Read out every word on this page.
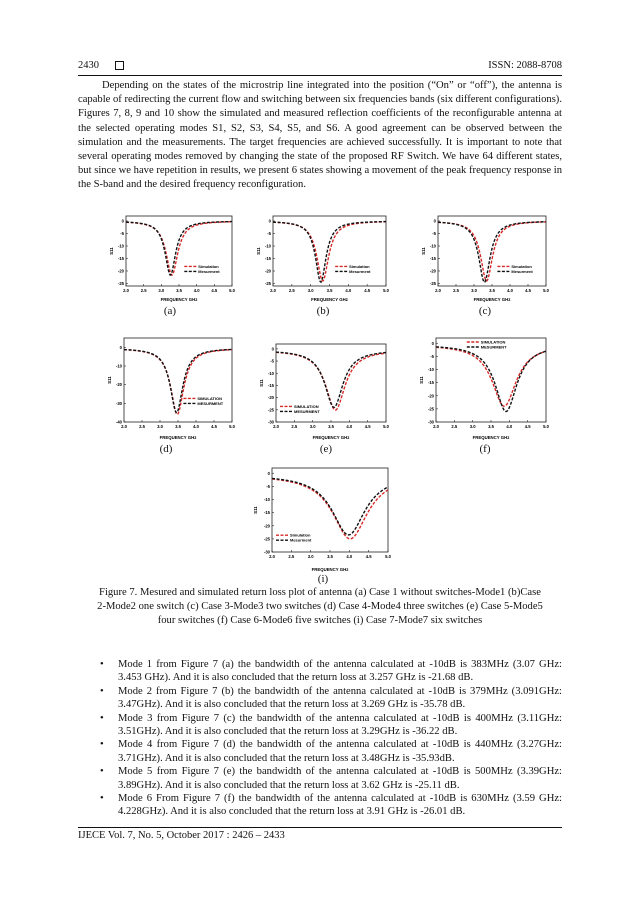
2430	ISSN: 2088-8708
Depending on the states of the microstrip line integrated into the position (“On” or “off”), the antenna is capable of redirecting the current flow and switching between six frequencies bands (six different configurations). Figures 7, 8, 9 and 10 show the simulated and measured reflection coefficients of the reconfigurable antenna at the selected operating modes S1, S2, S3, S4, S5, and S6. A good agreement can be observed between the simulation and the measurements. The target frequencies are achieved successfully. It is important to note that several operating modes removed by changing the state of the proposed RF Switch. We have 64 different states, but since we have repetition in results, we present 6 states showing a movement of the peak frequency response in the S-band and the desired frequency reconfiguration.
2.0	2.5	3.0	3.5	4.0	4.5	5.0
0
-5
-10
-15
-20
-25
FREQUENCY GHz
S11
Simulation
Mesurment
2.0	2.5	3.0	3.5	4.0	4.5	5.0
0
-5
-10
-15
-20
-25
FREQUENCY GHz
S11
Simulation
Mesurment
2.0	2.5	3.0	3.5	4.0	4.5	5.0
0
-5
-10
-15
-20
-25
FREQUENCY GHz
S11
Simulation
Mesurment
2.0	2.5	3.0	3.5	4.0	4.5	5.0
0
-10
-20
-30
-40
FREQUENCY GHz
S11
SIMULATION
MESURMENT
2.0	2.5	3.0	3.5	4.0	4.5	5.0
0
-5
-10
-15
-20
-25
-30
FREQUENCY GHz
S11
SIMULATION
MESURMENT
2.0	2.5	3.0	3.5	4.0	4.5	5.0
0
-5
-10
-15
-20
-25
-30
FREQUENCY GHz
S11
SIMULATION
MESURMENT
2.0	2.5	3.0	3.5	4.0	4.5	5.0
0
-5
-10
-15
-20
-25
-30
FREQUENCY GHz
S11
Simulation
Mesurment
(a)	(b)	(c)
(d)	(e)	(f)
(i)
Figure 7. Mesured and simulated return loss plot of antenna (a) Case 1 without switches-Mode1 (b)Case 2-Mode2 one switch (c) Case 3-Mode3 two switches (d) Case 4-Mode4 three switches (e) Case 5-Mode5 four switches (f) Case 6-Mode6 five switches (i) Case 7-Mode7 six switches
• Mode 1 from Figure 7 (a) the bandwidth of the antenna calculated at -10dB is 383MHz (3.07 GHz: 3.453 GHz). And it is also concluded that the return loss at 3.257 GHz is -21.68 dB.
• Mode 2 from Figure 7 (b) the bandwidth of the antenna calculated at -10dB is 379MHz (3.091GHz: 3.47GHz). And it is also concluded that the return loss at 3.269 GHz is -35.78 dB.
• Mode 3 from Figure 7 (c) the bandwidth of the antenna calculated at -10dB is 400MHz (3.11GHz: 3.51GHz). And it is also concluded that the return loss at 3.29GHz is -36.22 dB.
• Mode 4 from Figure 7 (d) the bandwidth of the antenna calculated at -10dB is 440MHz (3.27GHz: 3.71GHz). And it is also concluded that the return loss at 3.48GHz is -35.93dB.
• Mode 5 from Figure 7 (e) the bandwidth of the antenna calculated at -10dB is 500MHz (3.39GHz: 3.89GHz). And it is also concluded that the return loss at 3.62 GHz is -25.11 dB.
• Mode 6 From Figure 7 (f) the bandwidth of the antenna calculated at -10dB is 630MHz (3.59 GHz: 4.228GHz). And it is also concluded that the return loss at 3.91 GHz is -26.01 dB.
IJECE Vol. 7, No. 5, October 2017 : 2426 – 2433
